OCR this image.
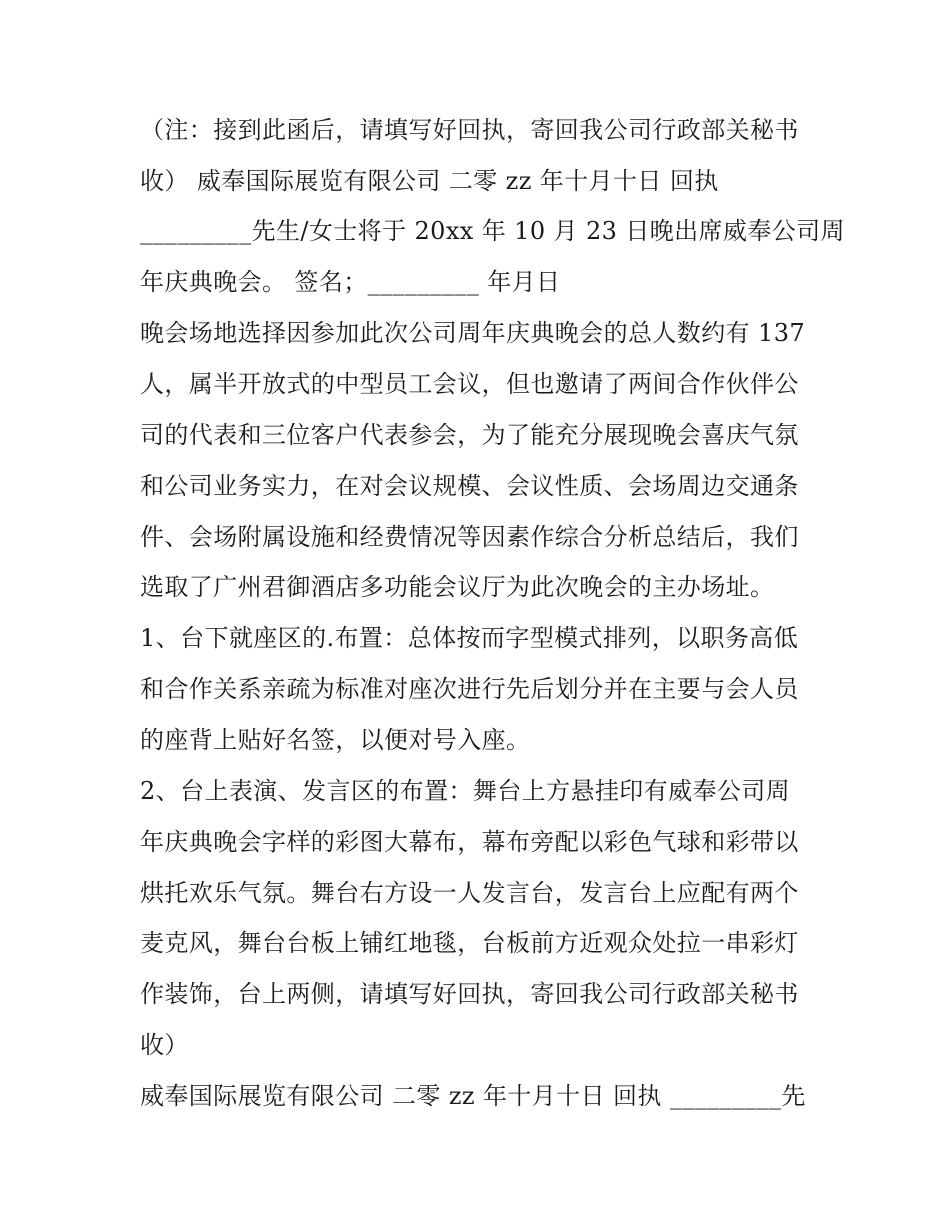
（注：接到此函后，请填写好回执，寄回我公司行政部关秘书
收） 威奉国际展览有限公司 二零 zz 年十月十日 回执
_________先生/女士将于 20xx 年 10 月 23 日晚出席威奉公司周
年庆典晚会。 签名；_________ 年月日
晚会场地选择因参加此次公司周年庆典晚会的总人数约有 137
人，属半开放式的中型员工会议，但也邀请了两间合作伙伴公
司的代表和三位客户代表参会，为了能充分展现晚会喜庆气氛
和公司业务实力，在对会议规模、会议性质、会场周边交通条
件、会场附属设施和经费情况等因素作综合分析总结后，我们
选取了广州君御酒店多功能会议厅为此次晚会的主办场址。
1、台下就座区的.布置：总体按而字型模式排列，以职务高低
和合作关系亲疏为标准对座次进行先后划分并在主要与会人员
的座背上贴好名签，以便对号入座。
2、台上表演、发言区的布置：舞台上方悬挂印有威奉公司周
年庆典晚会字样的彩图大幕布，幕布旁配以彩色气球和彩带以
烘托欢乐气氛。舞台右方设一人发言台，发言台上应配有两个
麦克风，舞台台板上铺红地毯，台板前方近观众处拉一串彩灯
作装饰，台上两侧，请填写好回执，寄回我公司行政部关秘书
收）
威奉国际展览有限公司 二零 zz 年十月十日 回执 _________先
